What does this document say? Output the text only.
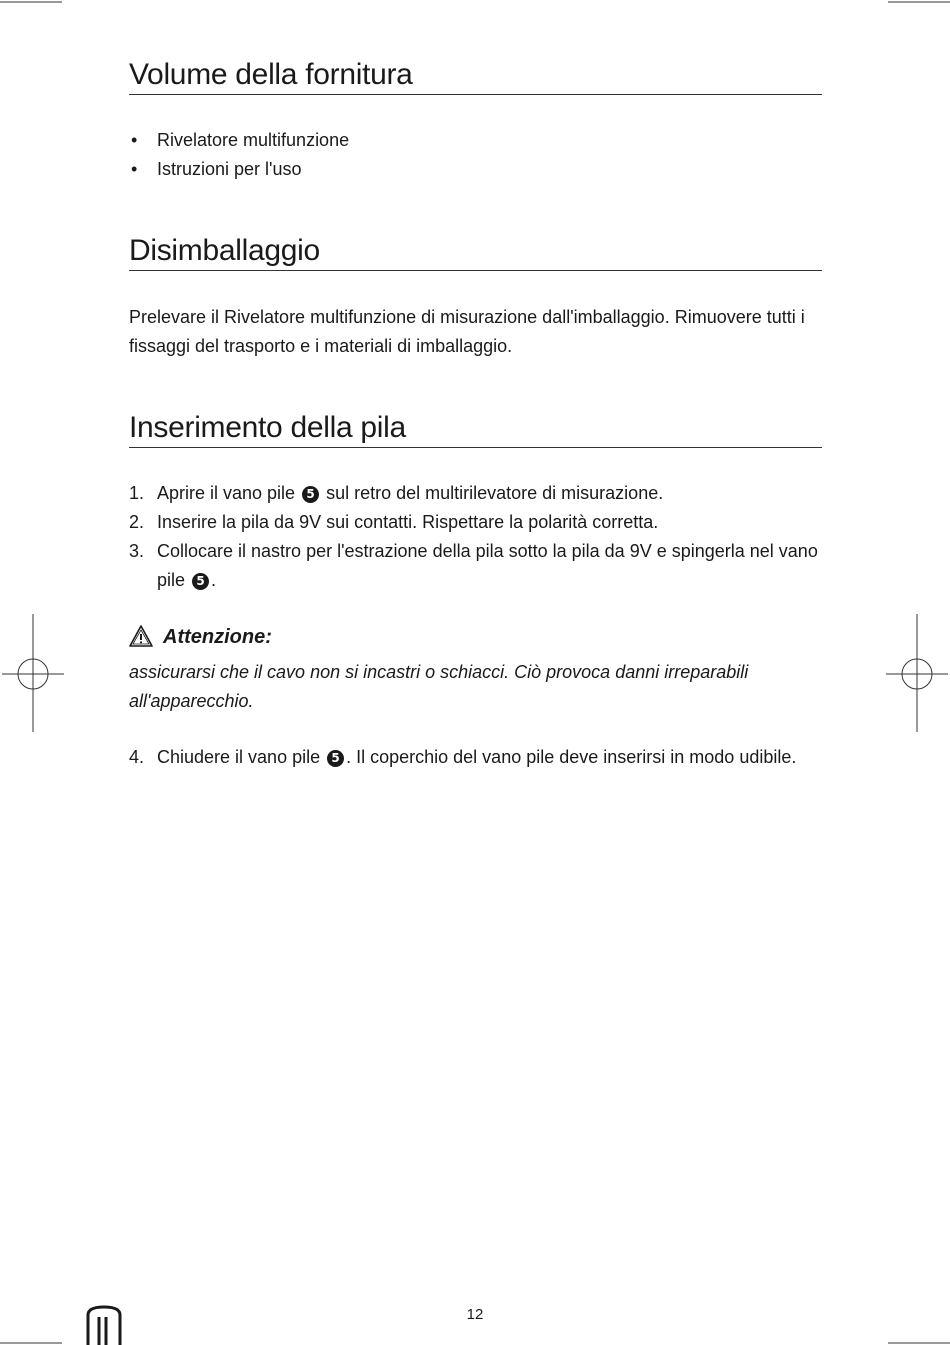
Volume della fornitura
• Rivelatore multifunzione
• Istruzioni per l'uso
Disimballaggio

Prelevare il Rivelatore multifunzione di misurazione dall'imballaggio. Rimuovere tutti i fissaggi del trasporto e i materiali di imballaggio.

Inserimento della pila
1. Aprire il vano pile 5 sul retro del multirilevatore di misurazione.
2. Inserire la pila da 9V sui contatti. Rispettare la polarità corretta.
3. Collocare il nastro per l'estrazione della pila sotto la pila da 9V e spingerla nel vano pile 5 .
Attenzione:

assicurarsi che il cavo non si incastri o schiacci. Ciò provoca danni irreparabili all'apparecchio.

4. Chiudere il vano pile 5 . Il coperchio del vano pile deve inserirsi in modo udibile.
12
